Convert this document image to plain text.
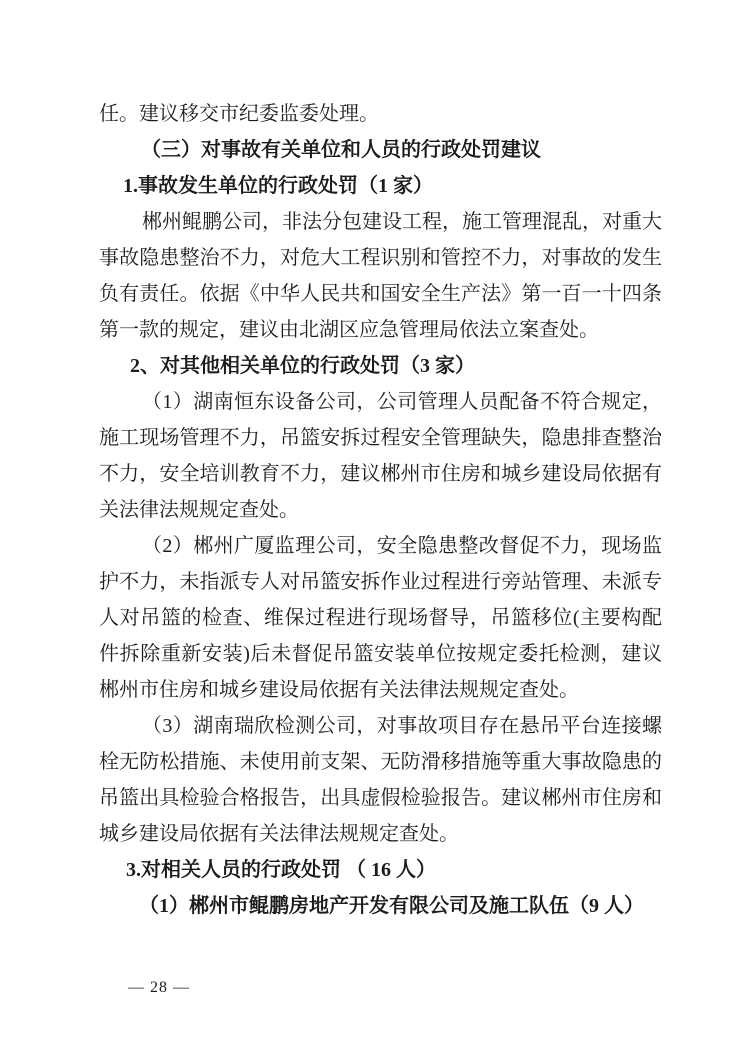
任。建议移交市纪委监委处理。

（三）对事故有关单位和人员的行政处罚建议

1.事故发生单位的行政处罚（1 家）

郴州鲲鹏公司，非法分包建设工程，施工管理混乱，对重大事故隐患整治不力，对危大工程识别和管控不力，对事故的发生负有责任。依据《中华人民共和国安全生产法》第一百一十四条第一款的规定，建议由北湖区应急管理局依法立案查处。

2、对其他相关单位的行政处罚（3 家）

（1）湖南恒东设备公司，公司管理人员配备不符合规定，施工现场管理不力，吊篮安拆过程安全管理缺失，隐患排查整治不力，安全培训教育不力，建议郴州市住房和城乡建设局依据有关法律法规规定查处。

（2）郴州广厦监理公司，安全隐患整改督促不力，现场监护不力，未指派专人对吊篮安拆作业过程进行旁站管理、未派专人对吊篮的检查、维保过程进行现场督导，吊篮移位(主要构配件拆除重新安装)后未督促吊篮安装单位按规定委托检测，建议郴州市住房和城乡建设局依据有关法律法规规定查处。

（3）湖南瑞欣检测公司，对事故项目存在悬吊平台连接螺栓无防松措施、未使用前支架、无防滑移措施等重大事故隐患的吊篮出具检验合格报告，出具虚假检验报告。建议郴州市住房和城乡建设局依据有关法律法规规定查处。

3.对相关人员的行政处罚 （ 16 人）

（1）郴州市鲲鹏房地产开发有限公司及施工队伍（9 人）

— 28 —
